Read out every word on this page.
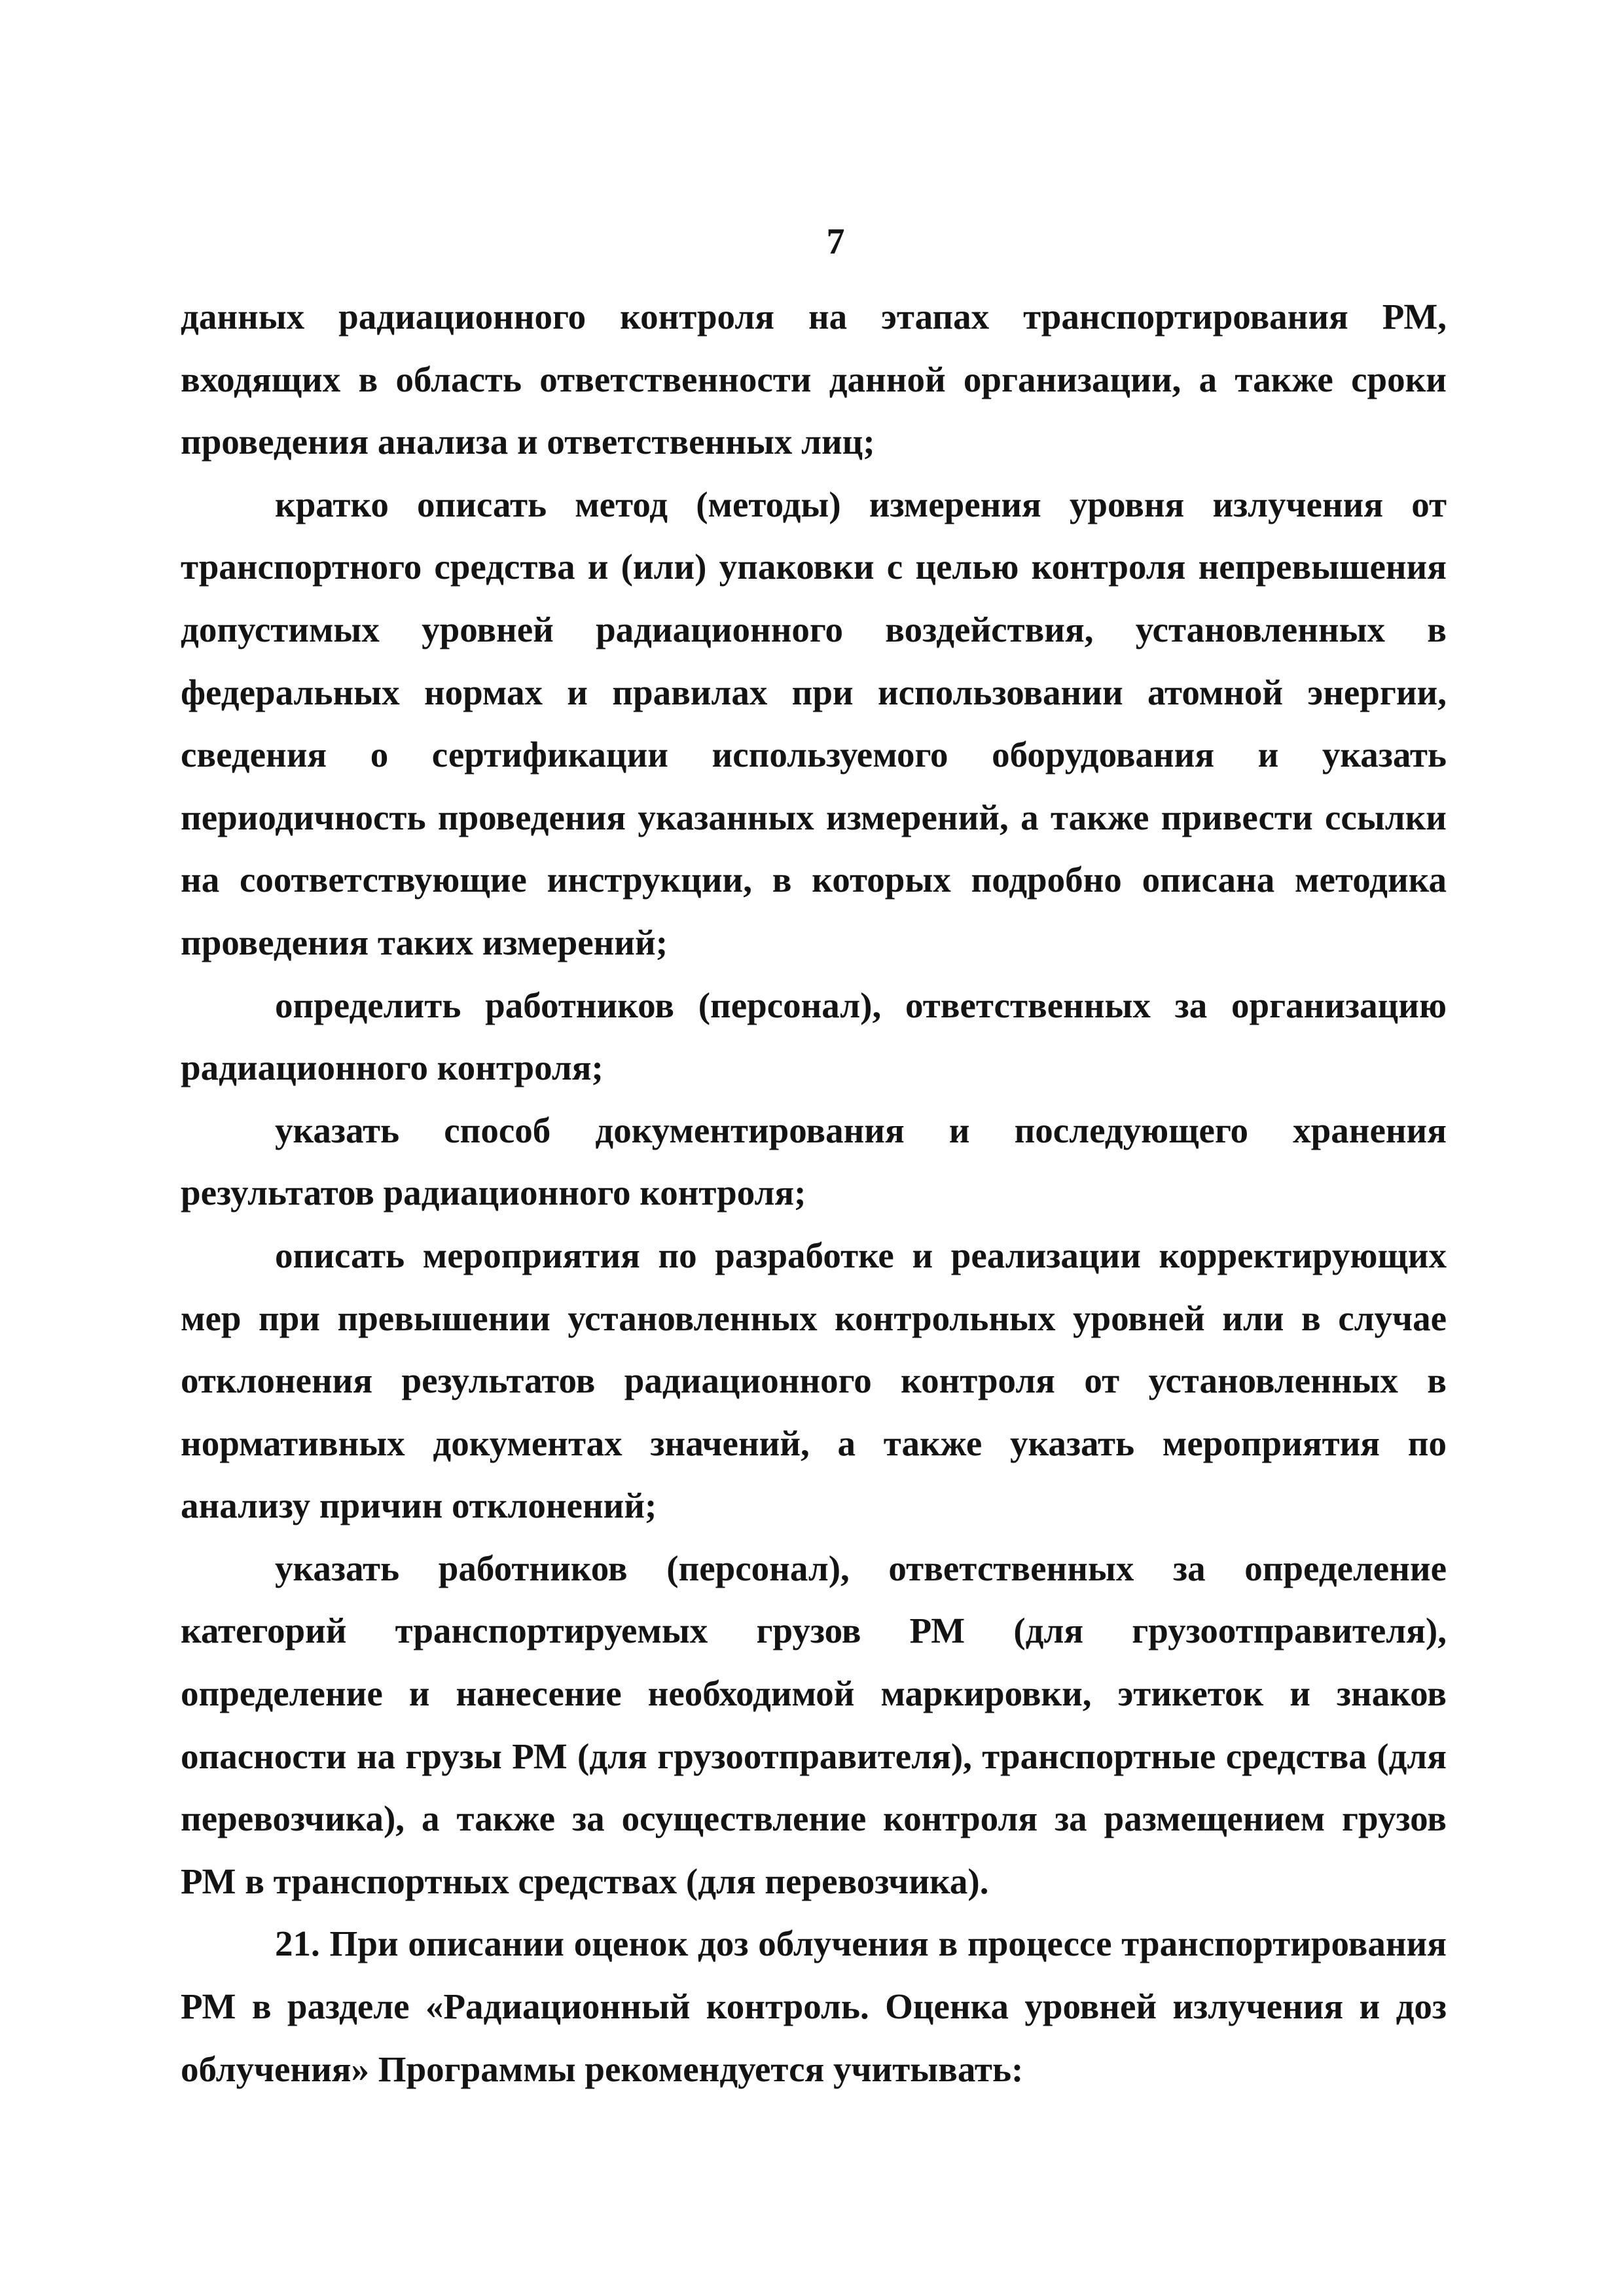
7

данных радиационного контроля на этапах транспортирования РМ, входящих в область ответственности данной организации, а также сроки проведения анализа и ответственных лиц;

кратко описать метод (методы) измерения уровня излучения от транспортного средства и (или) упаковки с целью контроля непревышения допустимых уровней радиационного воздействия, установленных в федеральных нормах и правилах при использовании атомной энергии, сведения о сертификации используемого оборудования и указать периодичность проведения указанных измерений, а также привести ссылки на соответствующие инструкции, в которых подробно описана методика проведения таких измерений;

определить работников (персонал), ответственных за организацию радиационного контроля;

указать способ документирования и последующего хранения результатов радиационного контроля;

описать мероприятия по разработке и реализации корректирующих мер при превышении установленных контрольных уровней или в случае отклонения результатов радиационного контроля от установленных в нормативных документах значений, а также указать мероприятия по анализу причин отклонений;

указать работников (персонал), ответственных за определение категорий транспортируемых грузов РМ (для грузоотправителя), определение и нанесение необходимой маркировки, этикеток и знаков опасности на грузы РМ (для грузоотправителя), транспортные средства (для перевозчика), а также за осуществление контроля за размещением грузов РМ в транспортных средствах (для перевозчика).

21. При описании оценок доз облучения в процессе транспортирования РМ в разделе «Радиационный контроль. Оценка уровней излучения и доз облучения» Программы рекомендуется учитывать:
